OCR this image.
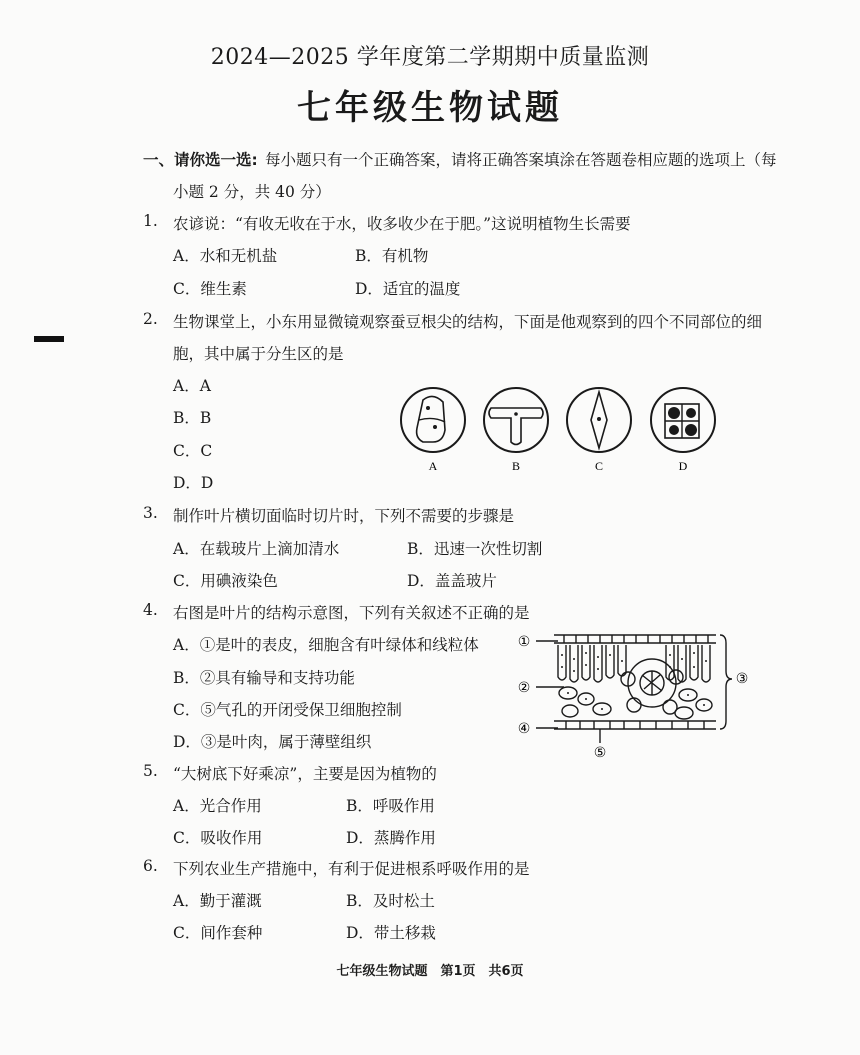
2024—2025 学年度第二学期期中质量监测
七年级生物试题
一、请你选一选: 每小题只有一个正确答案，请将正确答案填涂在答题卷相应题的选项上（每
小题 2 分，共 40 分）
1. 农谚说：“有收无收在于水，收多收少在于肥。”这说明植物生长需要
A．水和无机盐	B．有机物
C．维生素	D．适宜的温度
2. 生物课堂上，小东用显微镜观察蚕豆根尖的结构，下面是他观察到的四个不同部位的细
胞，其中属于分生区的是
A．A
B．B
C．C
D．D
A	B	C	D
3. 制作叶片横切面临时切片时，下列不需要的步骤是
A．在载玻片上滴加清水	B．迅速一次性切割
C．用碘液染色	D．盖盖玻片
4. 右图是叶片的结构示意图，下列有关叙述不正确的是
A．①是叶的表皮，细胞含有叶绿体和线粒体
B．②具有输导和支持功能
C．⑤气孔的开闭受保卫细胞控制
D．③是叶肉，属于薄壁组织
①
②
③
④
⑤
5. “大树底下好乘凉”，主要是因为植物的
A．光合作用	B．呼吸作用
C．吸收作用	D．蒸腾作用
6. 下列农业生产措施中，有利于促进根系呼吸作用的是
A．勤于灌溉	B．及时松土
C．间作套种	D．带土移栽
七年级生物试题　第1页　共6页
